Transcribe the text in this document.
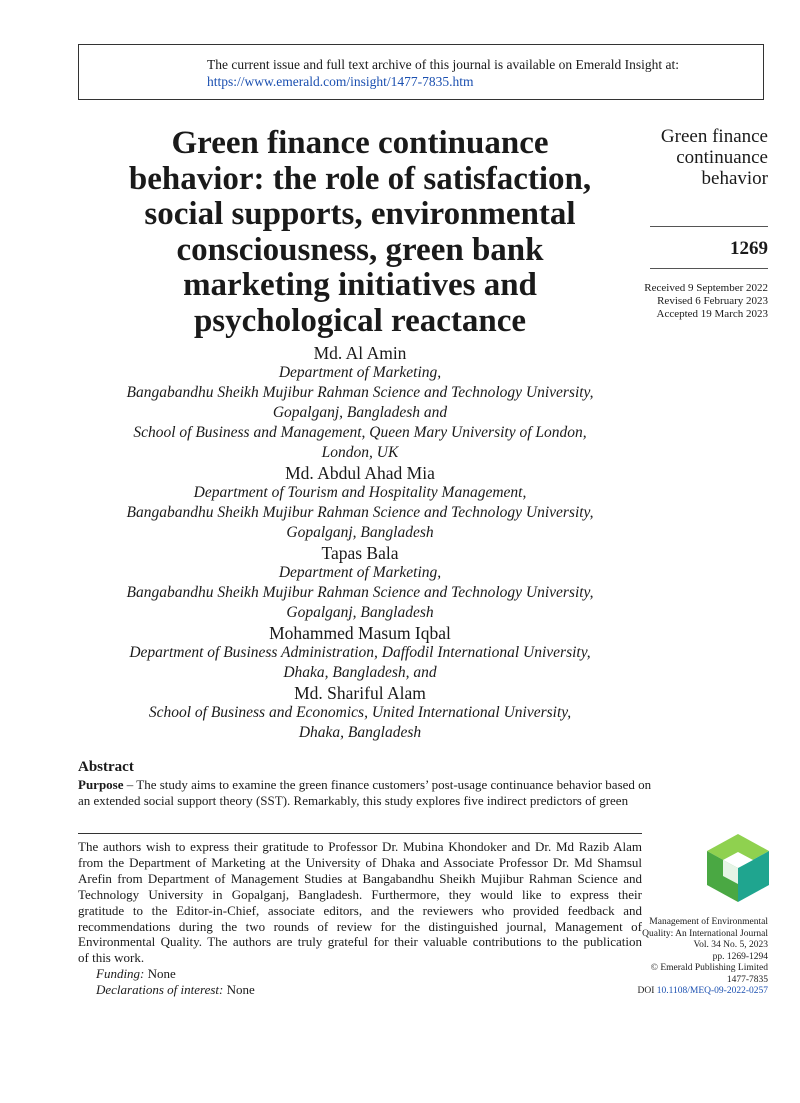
The current issue and full text archive of this journal is available on Emerald Insight at:
https://www.emerald.com/insight/1477-7835.htm
Green finance continuance
behavior: the role of satisfaction,
social supports, environmental
consciousness, green bank
marketing initiatives and
psychological reactance
Green finance
continuance
behavior
1269
Received 9 September 2022
Revised 6 February 2023
Accepted 19 March 2023
Md. Al Amin
Department of Marketing,
Bangabandhu Sheikh Mujibur Rahman Science and Technology University,
Gopalganj, Bangladesh and
School of Business and Management, Queen Mary University of London,
London, UK
Md. Abdul Ahad Mia
Department of Tourism and Hospitality Management,
Bangabandhu Sheikh Mujibur Rahman Science and Technology University,
Gopalganj, Bangladesh
Tapas Bala
Department of Marketing,
Bangabandhu Sheikh Mujibur Rahman Science and Technology University,
Gopalganj, Bangladesh
Mohammed Masum Iqbal
Department of Business Administration, Daffodil International University,
Dhaka, Bangladesh, and
Md. Shariful Alam
School of Business and Economics, United International University,
Dhaka, Bangladesh
Abstract
Purpose – The study aims to examine the green finance customers’ post-usage continuance behavior based on
an extended social support theory (SST). Remarkably, this study explores five indirect predictors of green
The authors wish to express their gratitude to Professor Dr. Mubina Khondoker and Dr. Md Razib Alam
from the Department of Marketing at the University of Dhaka and Associate Professor Dr. Md Shamsul
Arefin from Department of Management Studies at Bangabandhu Sheikh Mujibur Rahman Science and
Technology University in Gopalganj, Bangladesh. Furthermore, they would like to express their
gratitude to the Editor-in-Chief, associate editors, and the reviewers who provided feedback and
recommendations during the two rounds of review for the distinguished journal, Management of
Environmental Quality. The authors are truly grateful for their valuable contributions to the publication
of this work.
Funding: None
Declarations of interest: None
Management of Environmental
Quality: An International Journal
Vol. 34 No. 5, 2023
pp. 1269-1294
© Emerald Publishing Limited
1477-7835
DOI 10.1108/MEQ-09-2022-0257
